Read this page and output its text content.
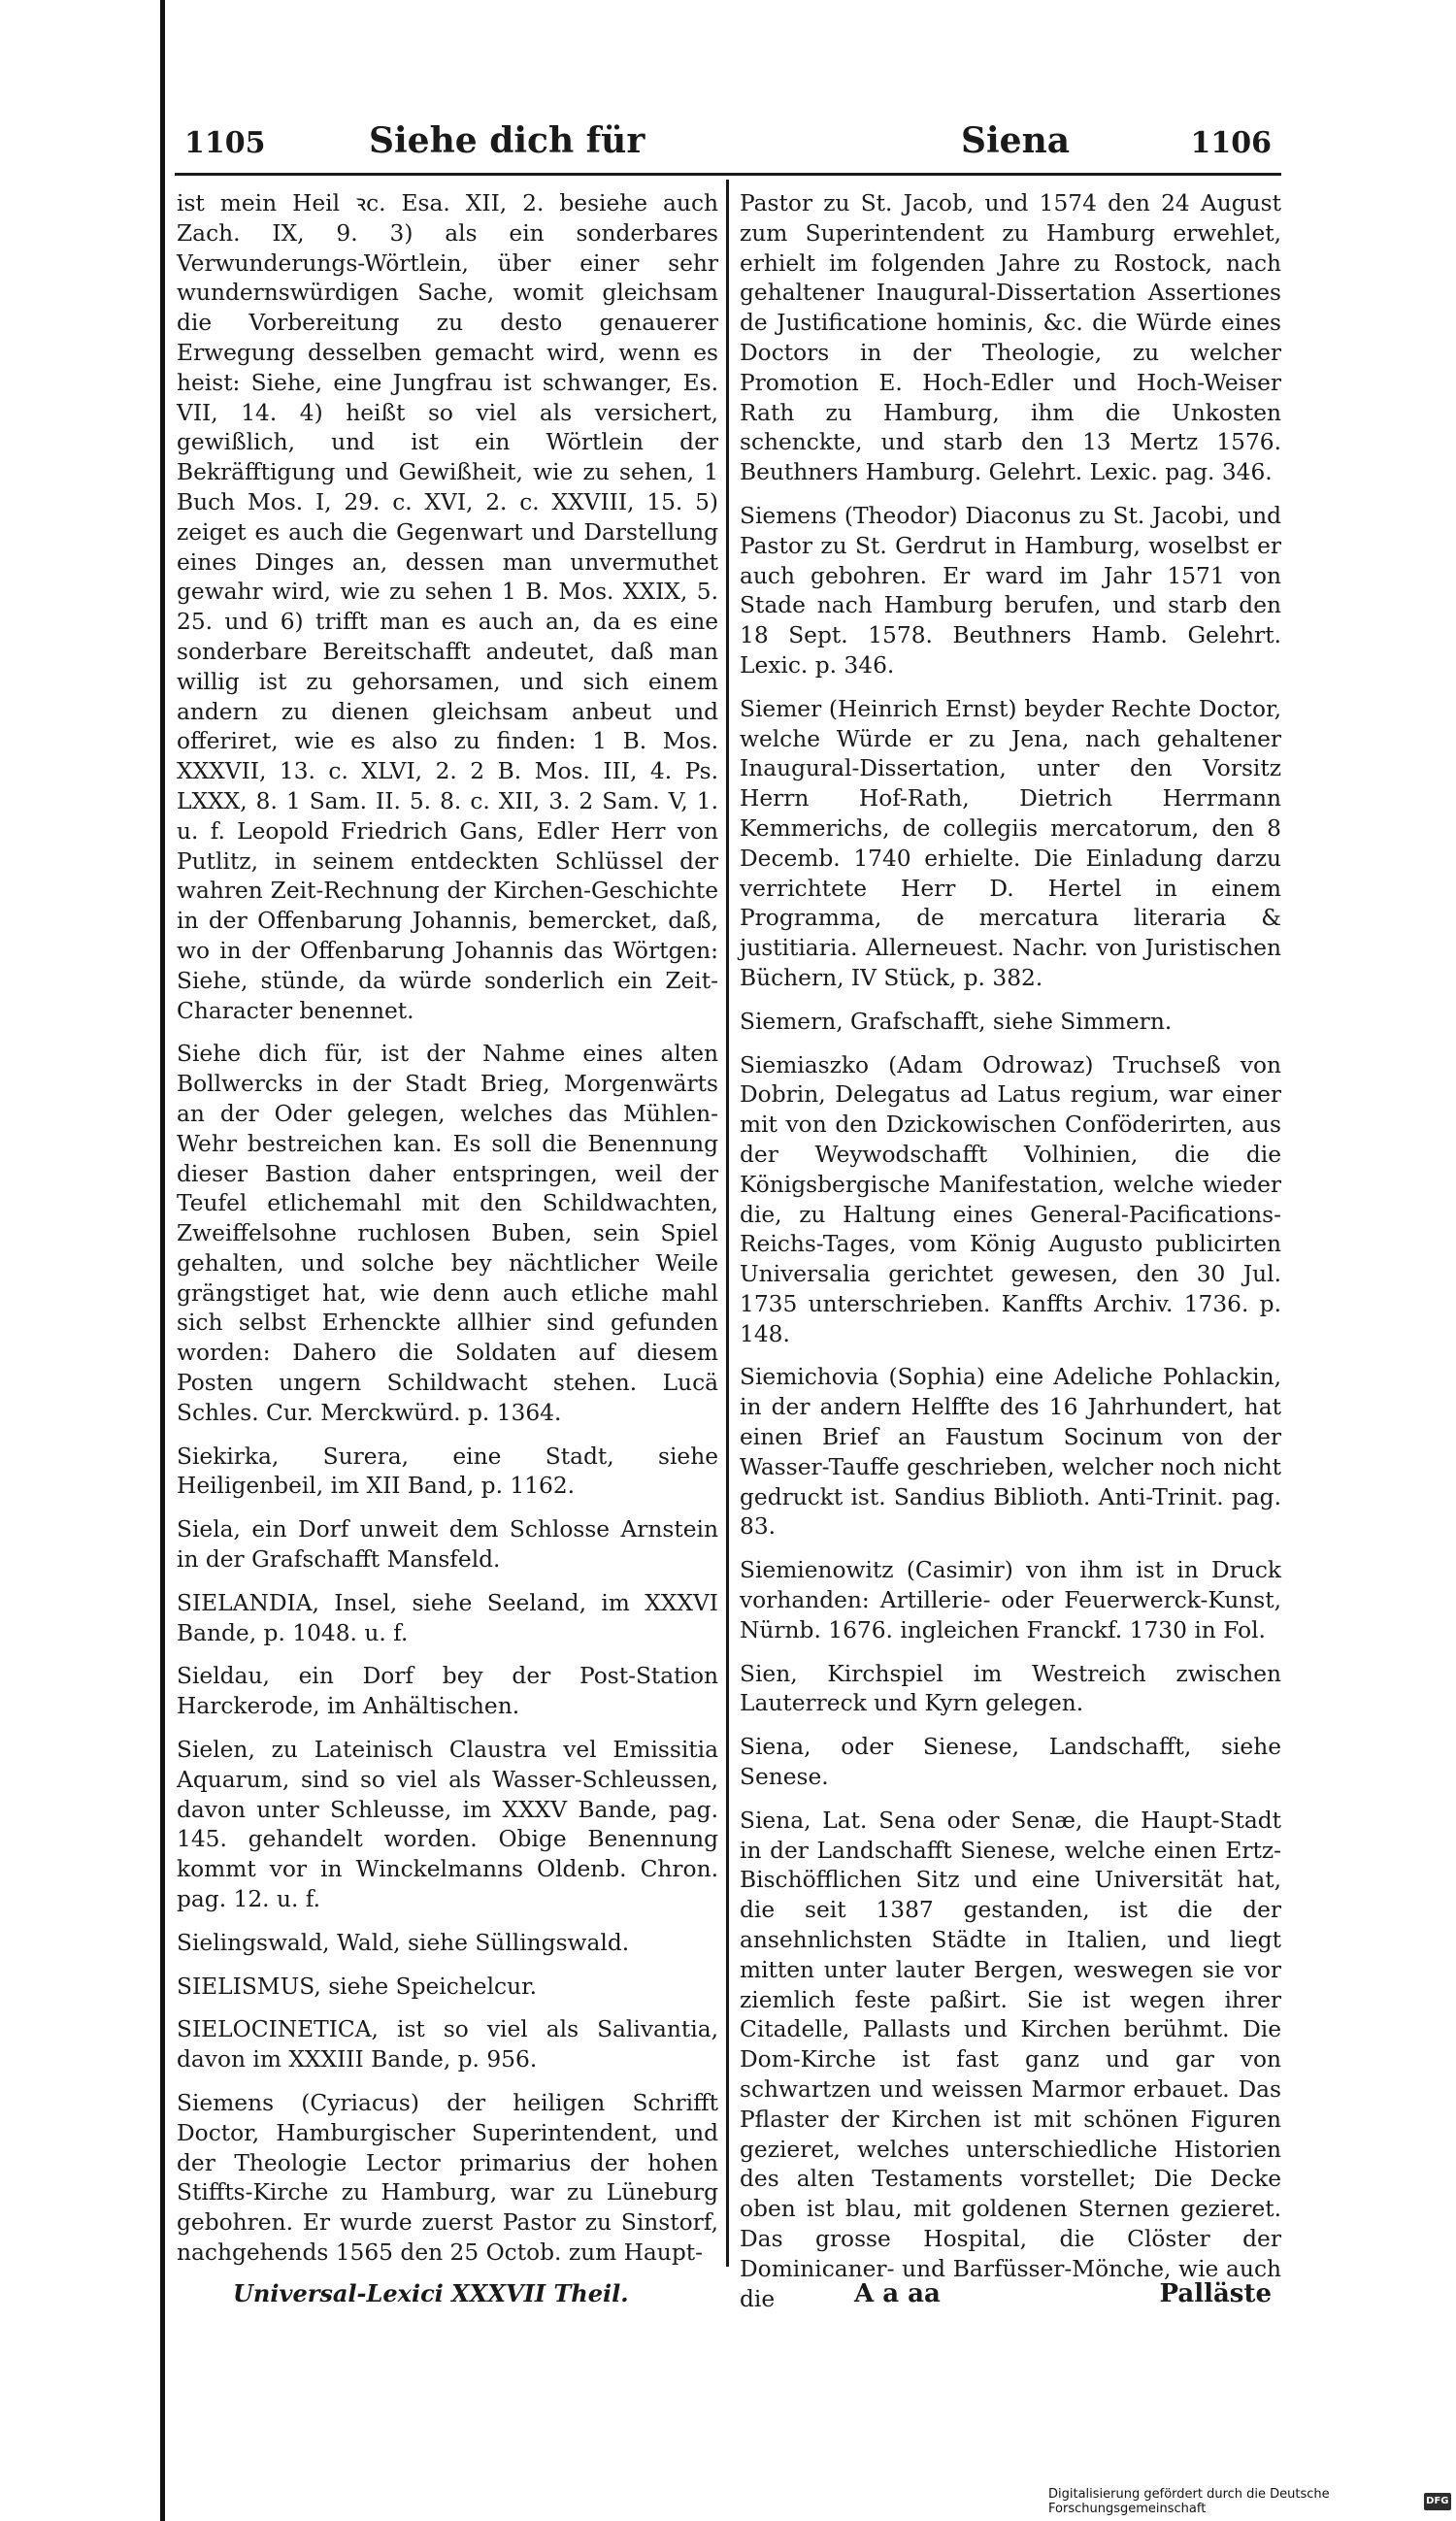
1105	Siehe dich für	Siena	1106

ist mein Heil ꝛc. Esa. XII, 2. besiehe auch Zach. IX, 9. 3) als ein sonderbares Verwunderungs-Wörtlein, über einer sehr wundernswürdigen Sache, womit gleichsam die Vorbereitung zu desto genauerer Erwegung desselben gemacht wird, wenn es heist: Siehe, eine Jungfrau ist schwanger, Es. VII, 14. 4) heißt so viel als versichert, gewißlich, und ist ein Wörtlein der Bekräfftigung und Gewißheit, wie zu sehen, 1 Buch Mos. I, 29. c. XVI, 2. c. XXVIII, 15. 5) zeiget es auch die Gegenwart und Darstellung eines Dinges an, dessen man unvermuthet gewahr wird, wie zu sehen 1 B. Mos. XXIX, 5. 25. und 6) trifft man es auch an, da es eine sonderbare Bereitschafft andeutet, daß man willig ist zu gehorsamen, und sich einem andern zu dienen gleichsam anbeut und offeriret, wie es also zu finden: 1 B. Mos. XXXVII, 13. c. XLVI, 2. 2 B. Mos. III, 4. Ps. LXXX, 8. 1 Sam. II. 5. 8. c. XII, 3. 2 Sam. V, 1. u. f. Leopold Friedrich Gans, Edler Herr von Putlitz, in seinem entdeckten Schlüssel der wahren Zeit-Rechnung der Kirchen-Geschichte in der Offenbarung Johannis, bemercket, daß, wo in der Offenbarung Johannis das Wörtgen: Siehe, stünde, da würde sonderlich ein Zeit-Character benennet.

Siehe dich für, ist der Nahme eines alten Bollwercks in der Stadt Brieg, Morgenwärts an der Oder gelegen, welches das Mühlen-Wehr bestreichen kan. Es soll die Benennung dieser Bastion daher entspringen, weil der Teufel etlichemahl mit den Schildwachten, Zweiffelsohne ruchlosen Buben, sein Spiel gehalten, und solche bey nächtlicher Weile grängstiget hat, wie denn auch etliche mahl sich selbst Erhenckte allhier sind gefunden worden: Dahero die Soldaten auf diesem Posten ungern Schildwacht stehen. Lucä Schles. Cur. Merckwürd. p. 1364.

Siekirka, Surera, eine Stadt, siehe Heiligenbeil, im XII Band, p. 1162.

Siela, ein Dorf unweit dem Schlosse Arnstein in der Grafschafft Mansfeld.

SIELANDIA, Insel, siehe Seeland, im XXXVI Bande, p. 1048. u. f.

Sieldau, ein Dorf bey der Post-Station Harckerode, im Anhältischen.

Sielen, zu Lateinisch Claustra vel Emissitia Aquarum, sind so viel als Wasser-Schleussen, davon unter Schleusse, im XXXV Bande, pag. 145. gehandelt worden. Obige Benennung kommt vor in Winckelmanns Oldenb. Chron. pag. 12. u. f.

Sielingswald, Wald, siehe Süllingswald.

SIELISMUS, siehe Speichelcur.

SIELOCINETICA, ist so viel als Salivantia, davon im XXXIII Bande, p. 956.

Siemens (Cyriacus) der heiligen Schrifft Doctor, Hamburgischer Superintendent, und der Theologie Lector primarius der hohen Stiffts-Kirche zu Hamburg, war zu Lüneburg gebohren. Er wurde zuerst Pastor zu Sinstorf, nachgehends 1565 den 25 Octob. zum Haupt-

Pastor zu St. Jacob, und 1574 den 24 August zum Superintendent zu Hamburg erwehlet, erhielt im folgenden Jahre zu Rostock, nach gehaltener Inaugural-Dissertation Assertiones de Justificatione hominis, &c. die Würde eines Doctors in der Theologie, zu welcher Promotion E. Hoch-Edler und Hoch-Weiser Rath zu Hamburg, ihm die Unkosten schenckte, und starb den 13 Mertz 1576. Beuthners Hamburg. Gelehrt. Lexic. pag. 346.

Siemens (Theodor) Diaconus zu St. Jacobi, und Pastor zu St. Gerdrut in Hamburg, woselbst er auch gebohren. Er ward im Jahr 1571 von Stade nach Hamburg berufen, und starb den 18 Sept. 1578. Beuthners Hamb. Gelehrt. Lexic. p. 346.

Siemer (Heinrich Ernst) beyder Rechte Doctor, welche Würde er zu Jena, nach gehaltener Inaugural-Dissertation, unter den Vorsitz Herrn Hof-Rath, Dietrich Herrmann Kemmerichs, de collegiis mercatorum, den 8 Decemb. 1740 erhielte. Die Einladung darzu verrichtete Herr D. Hertel in einem Programma, de mercatura literaria & justitiaria. Allerneuest. Nachr. von Juristischen Büchern, IV Stück, p. 382.

Siemern, Grafschafft, siehe Simmern.

Siemiaszko (Adam Odrowaz) Truchseß von Dobrin, Delegatus ad Latus regium, war einer mit von den Dzickowischen Conföderirten, aus der Weywodschafft Volhinien, die die Königsbergische Manifestation, welche wieder die, zu Haltung eines General-Pacifications-Reichs-Tages, vom König Augusto publicirten Universalia gerichtet gewesen, den 30 Jul. 1735 unterschrieben. Kanffts Archiv. 1736. p. 148.

Siemichovia (Sophia) eine Adeliche Pohlackin, in der andern Helffte des 16 Jahrhundert, hat einen Brief an Faustum Socinum von der Wasser-Tauffe geschrieben, welcher noch nicht gedruckt ist. Sandius Biblioth. Anti-Trinit. pag. 83.

Siemienowitz (Casimir) von ihm ist in Druck vorhanden: Artillerie- oder Feuerwerck-Kunst, Nürnb. 1676. ingleichen Franckf. 1730 in Fol.

Sien, Kirchspiel im Westreich zwischen Lauterreck und Kyrn gelegen.

Siena, oder Sienese, Landschafft, siehe Senese.

Siena, Lat. Sena oder Senæ, die Haupt-Stadt in der Landschafft Sienese, welche einen Ertz-Bischöfflichen Sitz und eine Universität hat, die seit 1387 gestanden, ist die der ansehnlichsten Städte in Italien, und liegt mitten unter lauter Bergen, weswegen sie vor ziemlich feste paßirt. Sie ist wegen ihrer Citadelle, Pallasts und Kirchen berühmt. Die Dom-Kirche ist fast ganz und gar von schwartzen und weissen Marmor erbauet. Das Pflaster der Kirchen ist mit schönen Figuren gezieret, welches unterschiedliche Historien des alten Testaments vorstellet; Die Decke oben ist blau, mit goldenen Sternen gezieret. Das grosse Hospital, die Clöster der Dominicaner- und Barfüsser-Mönche, wie auch die

Universal-Lexici XXXVII Theil.	A a aa	Palläste
Digitalisierung gefördert durch die Deutsche Forschungsgemeinschaft
DFG
